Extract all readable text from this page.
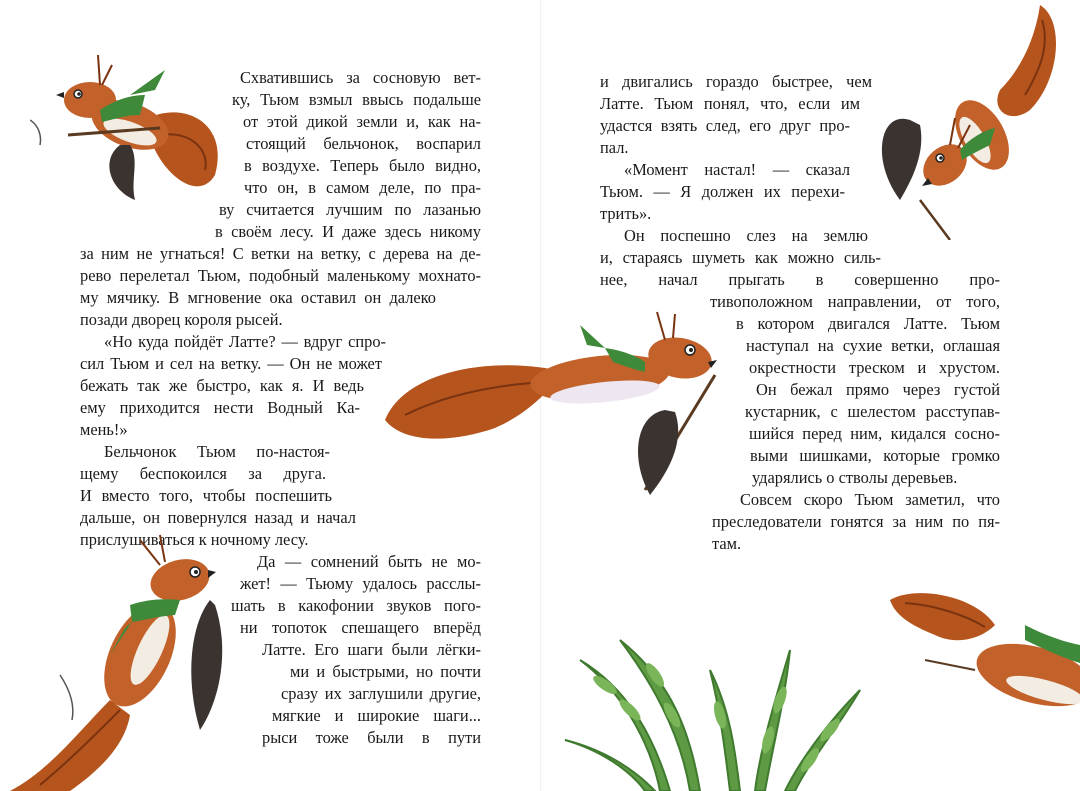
Схватившись за сосновую вет-
ку, Тьюм взмыл ввысь подальше
от этой дикой земли и, как на-
стоящий бельчонок, воспарил
в воздухе. Теперь было видно,
что он, в самом деле, по пра-
ву считается лучшим по лазанью
в своём лесу. И даже здесь никому
за ним не угнаться! С ветки на ветку, с дерева на де-
рево перелетал Тьюм, подобный маленькому мохнато-
му мячику. В мгновение ока оставил он далеко
позади дворец короля рысей.
«Но куда пойдёт Латте? — вдруг спро-
сил Тьюм и сел на ветку. — Он не может
бежать так же быстро, как я. И ведь
ему приходится нести Водный Ка-
мень!»
Бельчонок Тьюм по-настоя-
щему беспокоился за друга.
И вместо того, чтобы поспешить
дальше, он повернулся назад и начал
прислушиваться к ночному лесу.
Да — сомнений быть не мо-
жет! — Тьюму удалось расслы-
шать в какофонии звуков пого-
ни топоток спешащего вперёд
Латте. Его шаги были лёгки-
ми и быстрыми, но почти
сразу их заглушили другие,
мягкие и широкие шаги...
рыси тоже были в пути
и двигались гораздо быстрее, чем
Латте. Тьюм понял, что, если им
удастся взять след, его друг про-
пал.
«Момент настал! — сказал
Тьюм. — Я должен их перехи-
трить».
Он поспешно слез на землю
и, стараясь шуметь как можно силь-
нее, начал прыгать в совершенно про-
тивоположном направлении, от того,
в котором двигался Латте. Тьюм
наступал на сухие ветки, оглашая
окрестности треском и хрустом.
Он бежал прямо через густой
кустарник, с шелестом расступав-
шийся перед ним, кидался сосно-
выми шишками, которые громко
ударялись о стволы деревьев.
Совсем скоро Тьюм заметил, что
преследователи гонятся за ним по пя-
там.
